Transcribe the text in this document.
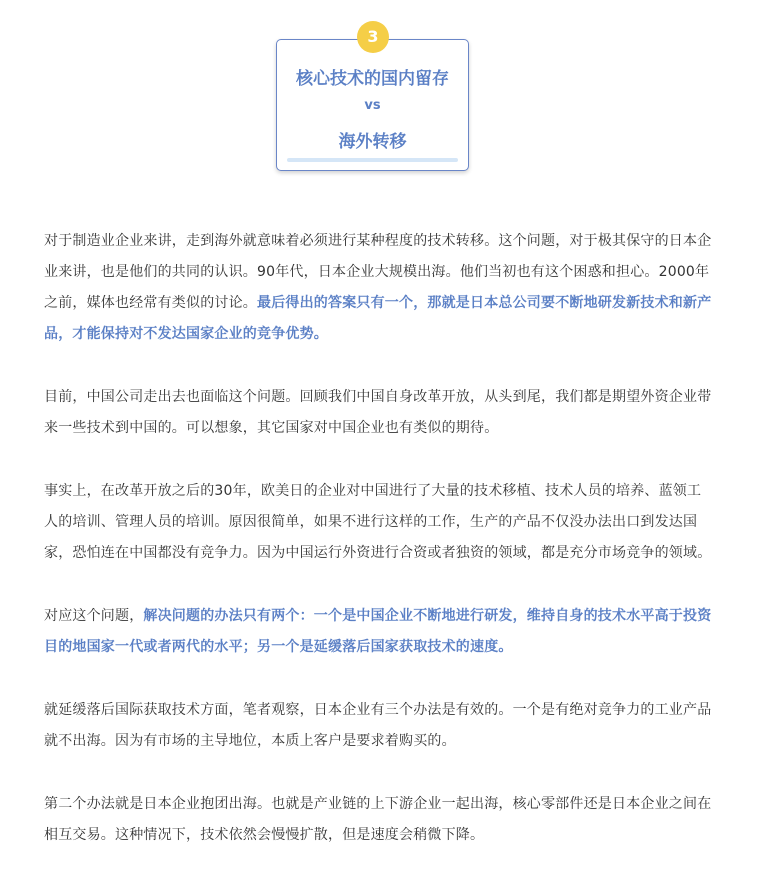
3
核心技术的国内留存
vs
海外转移

对于制造业企业来讲，走到海外就意味着必须进行某种程度的技术转移。这个问题，对于极其保守的日本企业来讲，也是他们的共同的认识。90年代，日本企业大规模出海。他们当初也有这个困惑和担心。2000年之前，媒体也经常有类似的讨论。最后得出的答案只有一个，那就是日本总公司要不断地研发新技术和新产品，才能保持对不发达国家企业的竞争优势。

目前，中国公司走出去也面临这个问题。回顾我们中国自身改革开放，从头到尾，我们都是期望外资企业带来一些技术到中国的。可以想象，其它国家对中国企业也有类似的期待。

事实上，在改革开放之后的30年，欧美日的企业对中国进行了大量的技术移植、技术人员的培养、蓝领工人的培训、管理人员的培训。原因很简单，如果不进行这样的工作，生产的产品不仅没办法出口到发达国家，恐怕连在中国都没有竞争力。因为中国运行外资进行合资或者独资的领域，都是充分市场竞争的领域。

对应这个问题，解决问题的办法只有两个：一个是中国企业不断地进行研发，维持自身的技术水平高于投资目的地国家一代或者两代的水平；另一个是延缓落后国家获取技术的速度。

就延缓落后国际获取技术方面，笔者观察，日本企业有三个办法是有效的。一个是有绝对竞争力的工业产品就不出海。因为有市场的主导地位，本质上客户是要求着购买的。

第二个办法就是日本企业抱团出海。也就是产业链的上下游企业一起出海，核心零部件还是日本企业之间在相互交易。这种情况下，技术依然会慢慢扩散，但是速度会稍微下降。
